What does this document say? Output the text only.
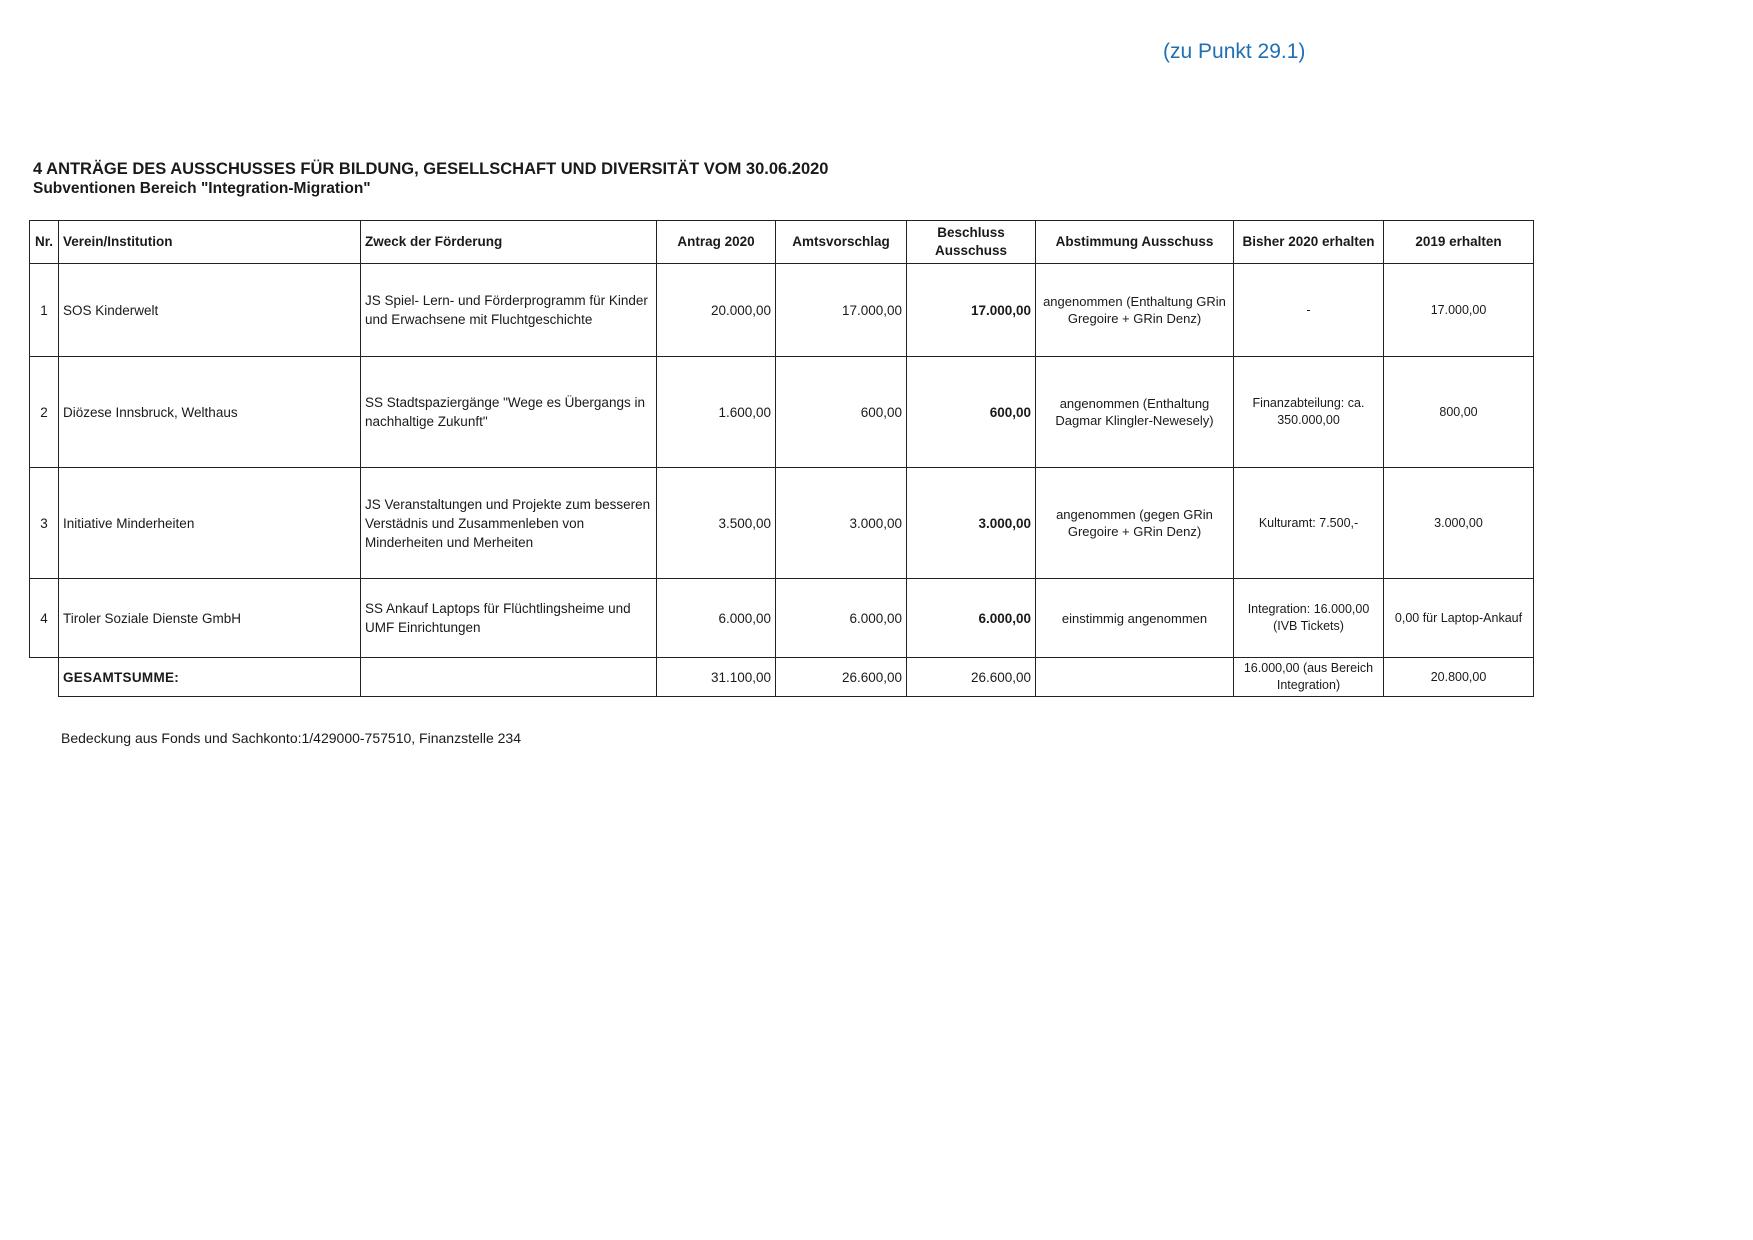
(zu Punkt 29.1)
4 ANTRÄGE DES AUSSCHUSSES FÜR BILDUNG, GESELLSCHAFT UND DIVERSITÄT VOM 30.06.2020
Subventionen Bereich "Integration-Migration"
Nr.	Verein/Institution	Zweck der Förderung	Antrag 2020	Amtsvorschlag	Beschluss Ausschuss	Abstimmung Ausschuss	Bisher 2020 erhalten	2019 erhalten
1	SOS Kinderwelt	JS Spiel- Lern- und Förderprogramm für Kinder und Erwachsene mit Fluchtgeschichte	20.000,00	17.000,00	17.000,00	angenommen (Enthaltung GRin Gregoire + GRin Denz)	-	17.000,00
2	Diözese Innsbruck, Welthaus	SS Stadtspaziergänge "Wege es Übergangs in nachhaltige Zukunft"	1.600,00	600,00	600,00	angenommen (Enthaltung Dagmar Klingler-Newesely)	Finanzabteilung: ca. 350.000,00	800,00
3	Initiative Minderheiten	JS Veranstaltungen und Projekte zum besseren Verstädnis und Zusammenleben von Minderheiten und Merheiten	3.500,00	3.000,00	3.000,00	angenommen (gegen GRin Gregoire + GRin Denz)	Kulturamt: 7.500,-	3.000,00
4	Tiroler Soziale Dienste GmbH	SS Ankauf Laptops für Flüchtlingsheime und UMF Einrichtungen	6.000,00	6.000,00	6.000,00	einstimmig angenommen	Integration: 16.000,00 (IVB Tickets)	0,00 für Laptop-Ankauf
	GESAMTSUMME:		31.100,00	26.600,00	26.600,00		16.000,00 (aus Bereich Integration)	20.800,00
Bedeckung aus Fonds und Sachkonto:1/429000-757510, Finanzstelle 234
